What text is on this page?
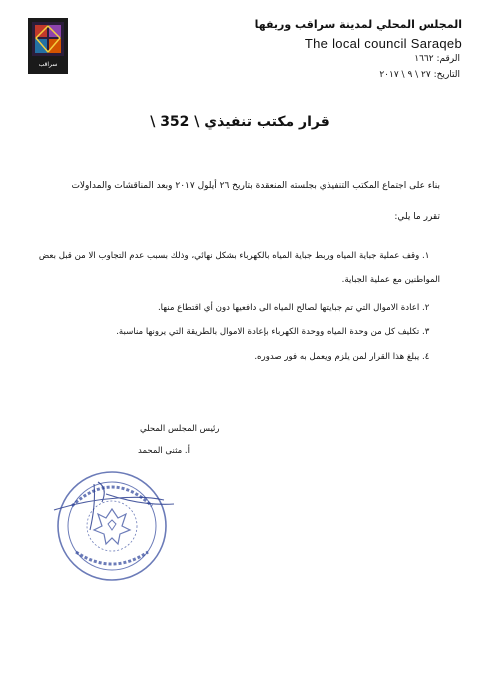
سراقب
المجلس المحلي لمدينة سراقب وريفها
The local council Saraqeb
الرقم: ١٦٦٢
التاريخ: ٢٧ \ ٩ \ ٢٠١٧
قرار مكتب تنفيذي \ 352 \
بناء على اجتماع المكتب التنفيذي بجلسته المنعقدة بتاريخ ٢٦ أيلول ٢٠١٧ وبعد المناقشات والمداولات
تقرر ما يلي:
١. وقف عملية جباية المياه وربط جباية المياه بالكهرباء بشكل نهائي، وذلك بسبب عدم التجاوب الا من قبل بعض المواطنين مع عملية الجباية.
٢. اعادة الاموال التي تم جبايتها لصالح المياه الى دافعيها دون أي اقتطاع منها.
٣. تكليف كل من وحدة المياه ووحدة الكهرباء بإعادة الاموال بالطريقة التي يرونها مناسبة.
٤. يبلغ هذا القرار لمن يلزم ويعمل به فور صدوره.
رئيس المجلس المحلي
أ. مثنى المحمد
